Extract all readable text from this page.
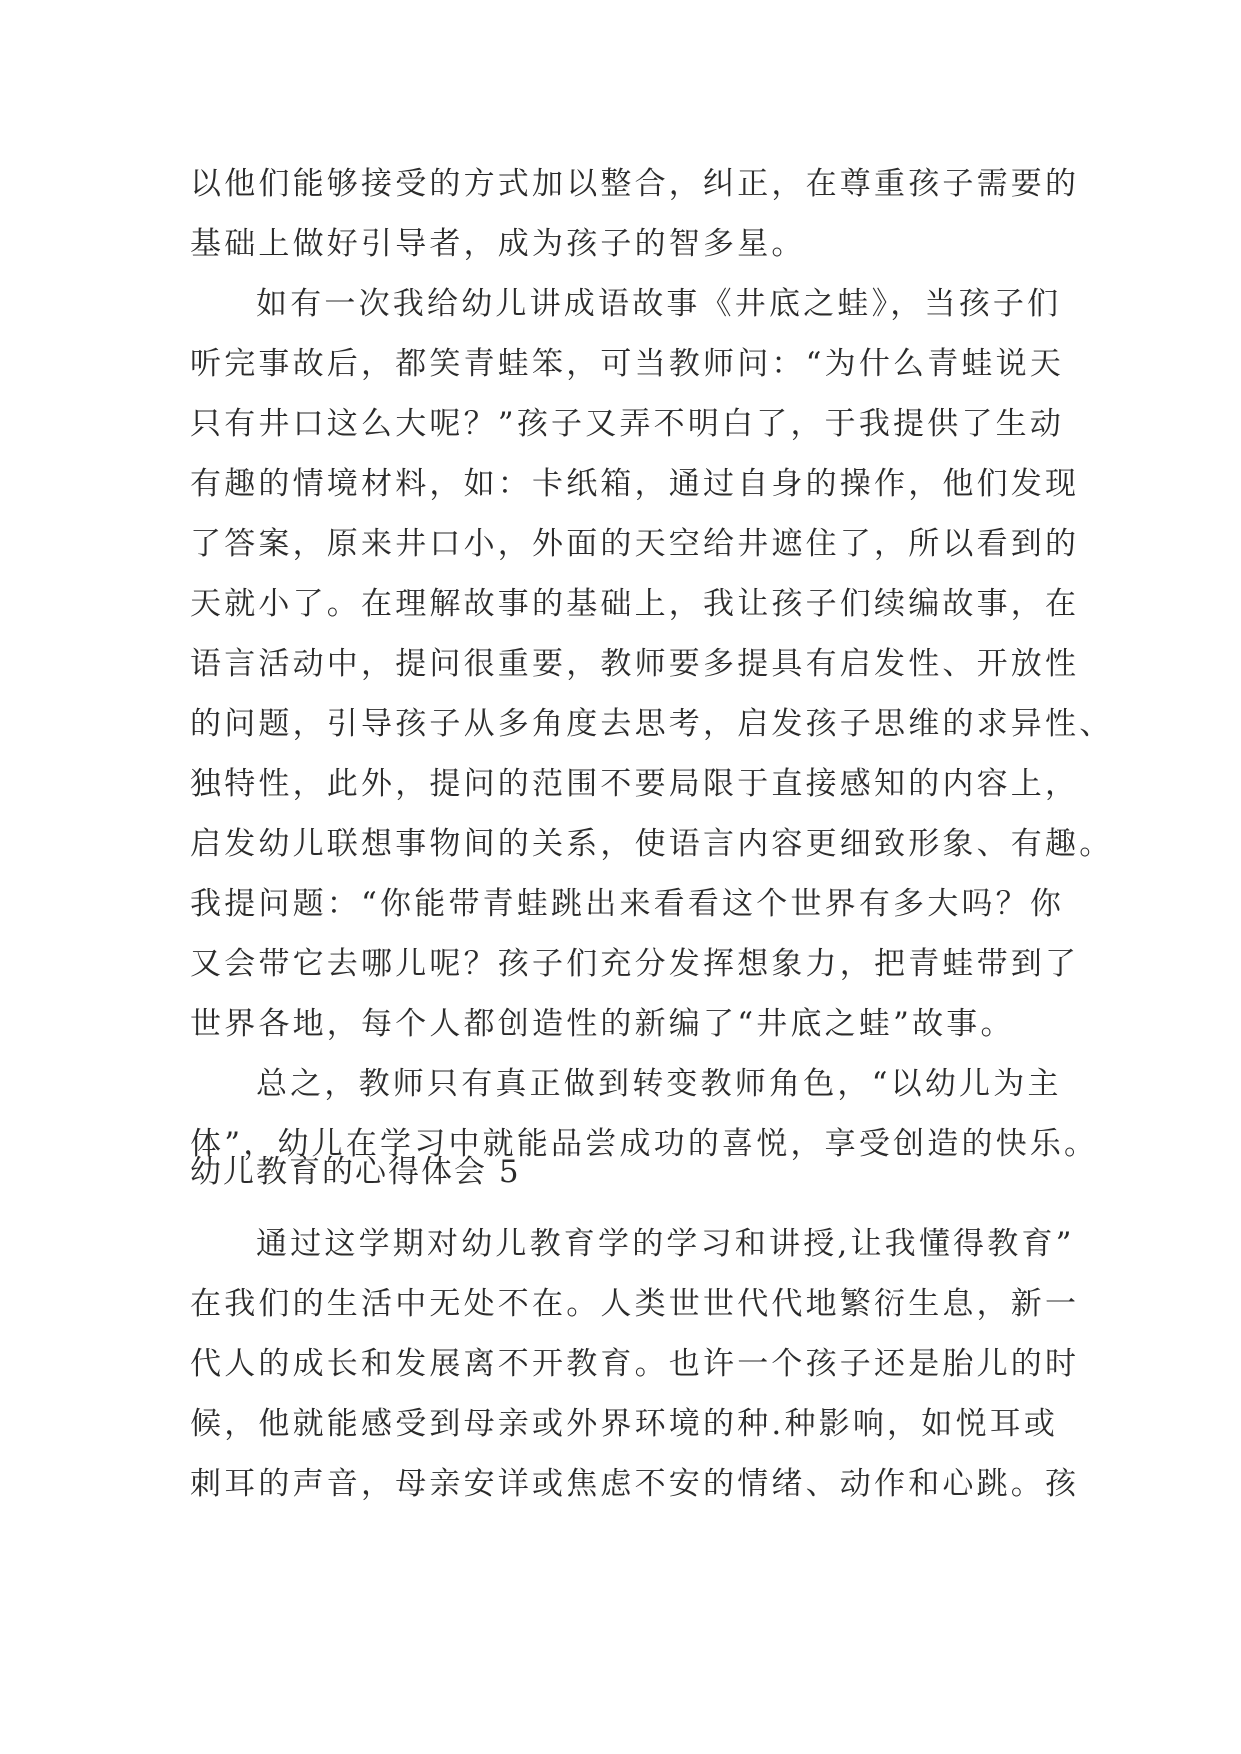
以他们能够接受的方式加以整合，纠正，在尊重孩子需要的
基础上做好引导者，成为孩子的智多星。
如有一次我给幼儿讲成语故事《井底之蛙》，当孩子们
听完事故后，都笑青蛙笨，可当教师问：“为什么青蛙说天
只有井口这么大呢？”孩子又弄不明白了，于我提供了生动
有趣的情境材料，如：卡纸箱，通过自身的操作，他们发现
了答案，原来井口小，外面的天空给井遮住了，所以看到的
天就小了。在理解故事的基础上，我让孩子们续编故事，在
语言活动中，提问很重要，教师要多提具有启发性、开放性
的问题，引导孩子从多角度去思考，启发孩子思维的求异性、
独特性，此外，提问的范围不要局限于直接感知的内容上，
启发幼儿联想事物间的关系，使语言内容更细致形象、有趣。
我提问题：“你能带青蛙跳出来看看这个世界有多大吗？你
又会带它去哪儿呢？孩子们充分发挥想象力，把青蛙带到了
世界各地，每个人都创造性的新编了“井底之蛙”故事。
总之，教师只有真正做到转变教师角色，“以幼儿为主
体”，幼儿在学习中就能品尝成功的喜悦，享受创造的快乐。
幼儿教育的心得体会 5
通过这学期对幼儿教育学的学习和讲授,让我懂得教育”
在我们的生活中无处不在。人类世世代代地繁衍生息，新一
代人的成长和发展离不开教育。也许一个孩子还是胎儿的时
候，他就能感受到母亲或外界环境的种.种影响，如悦耳或
刺耳的声音，母亲安详或焦虑不安的情绪、动作和心跳。孩
